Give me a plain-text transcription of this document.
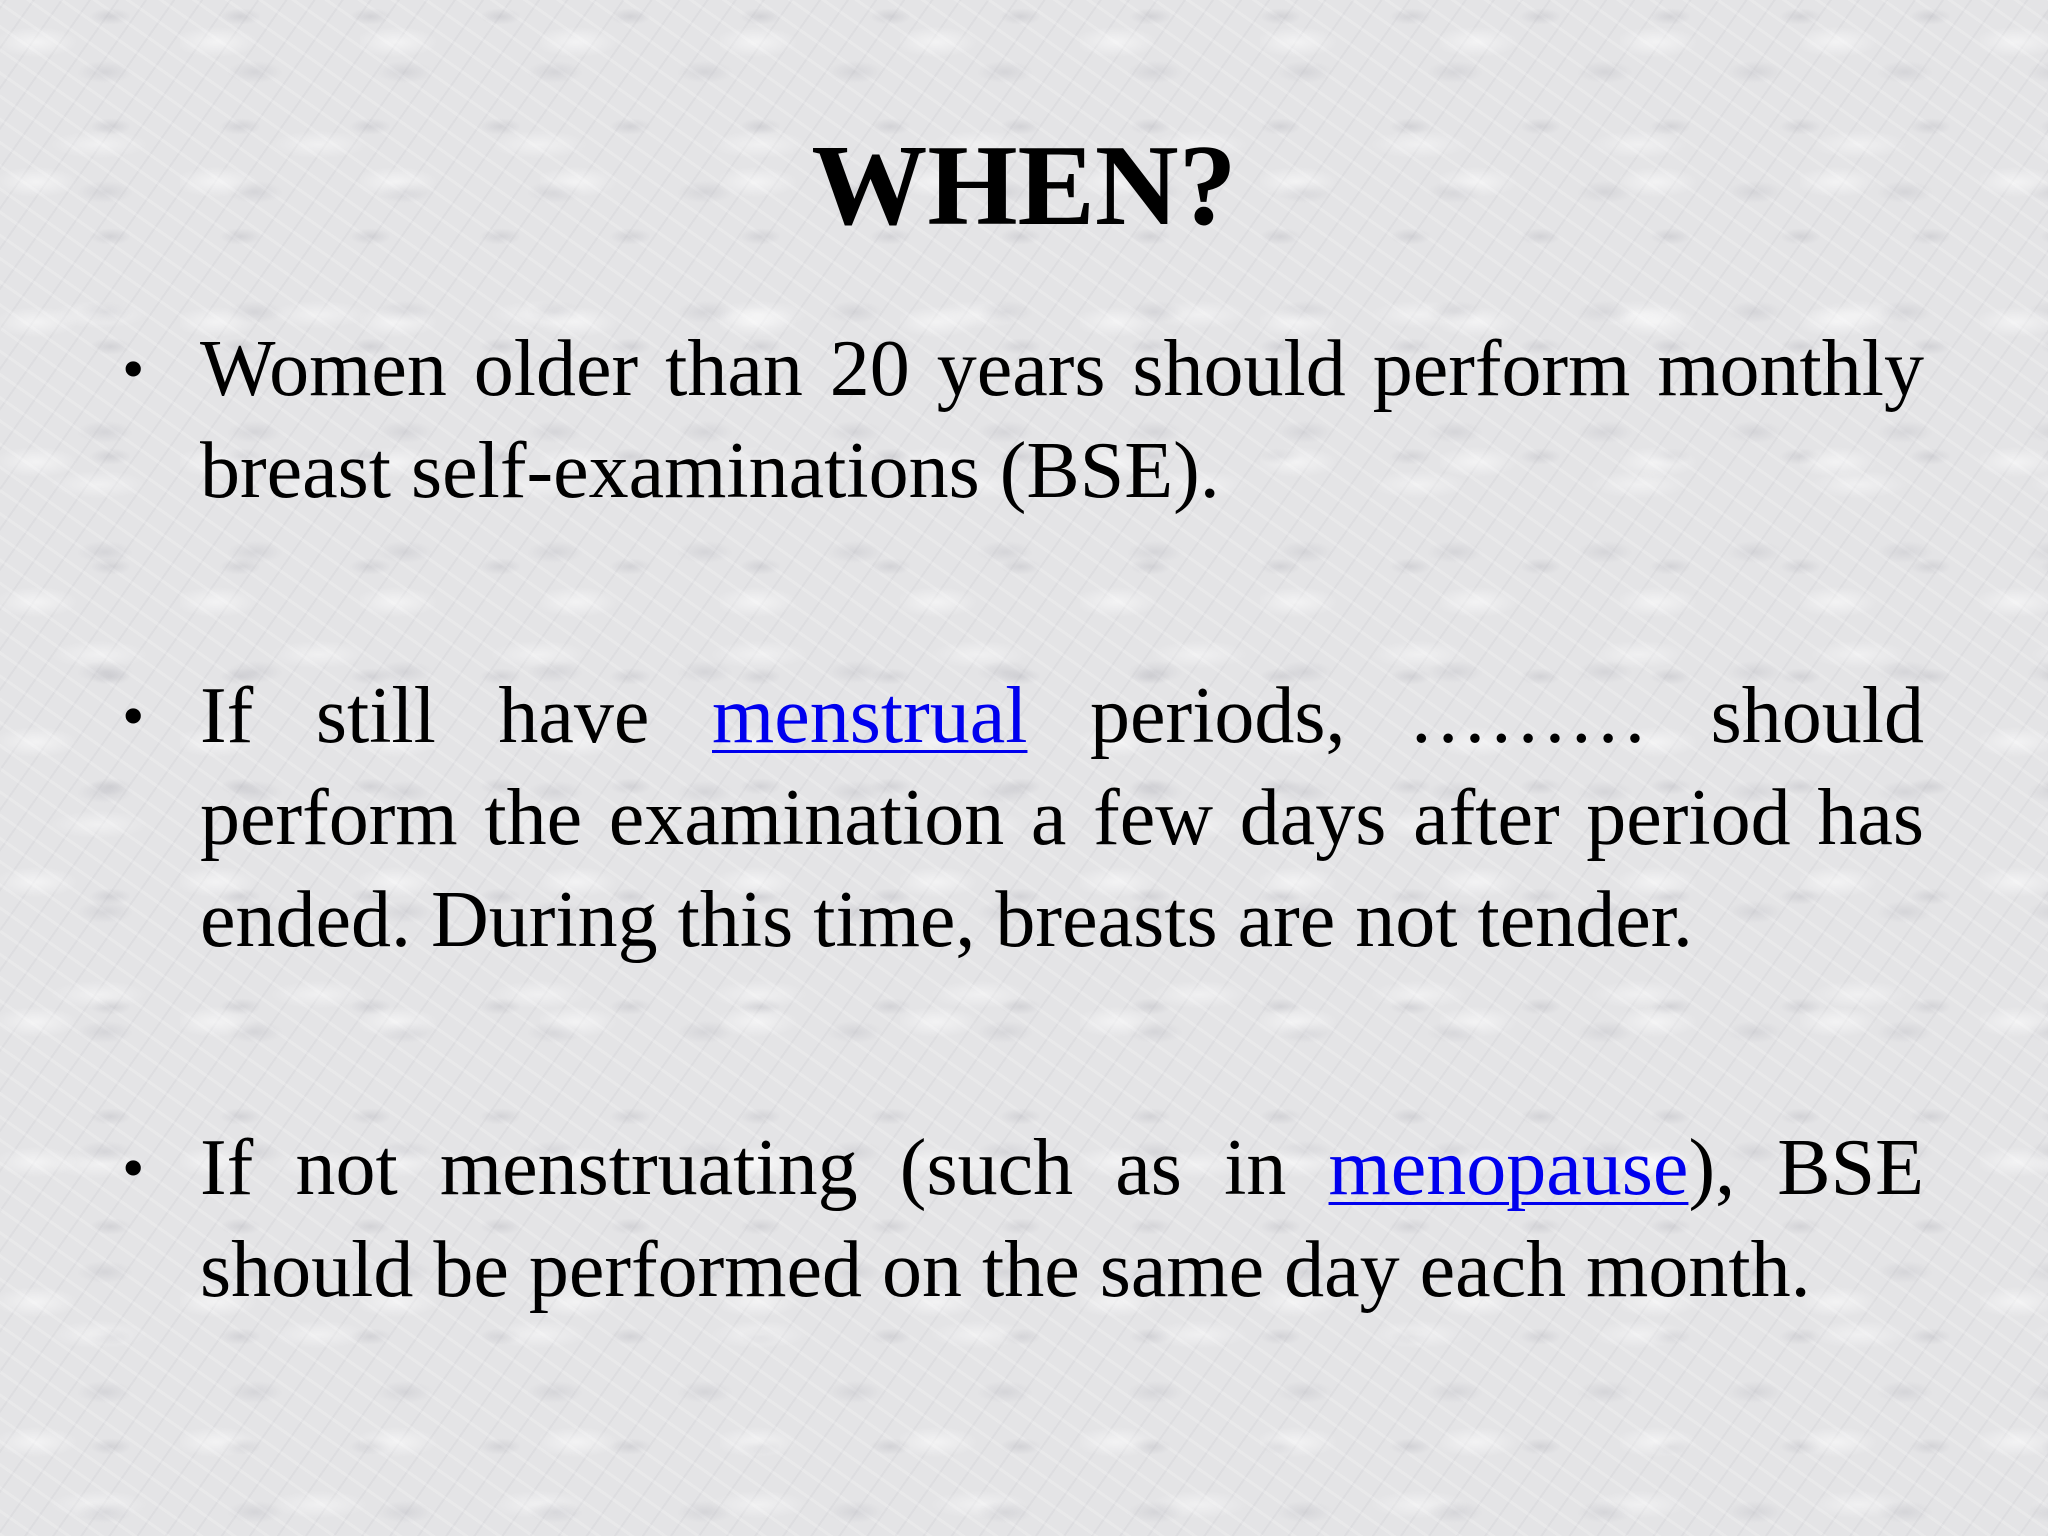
WHEN?
• Women older than 20 years should perform monthly breast self-examinations (BSE).
• If still have menstrual periods, ……… should perform the examination a few days after period has ended. During this time, breasts are not tender.
• If not menstruating (such as in menopause), BSE should be performed on the same day each month.
